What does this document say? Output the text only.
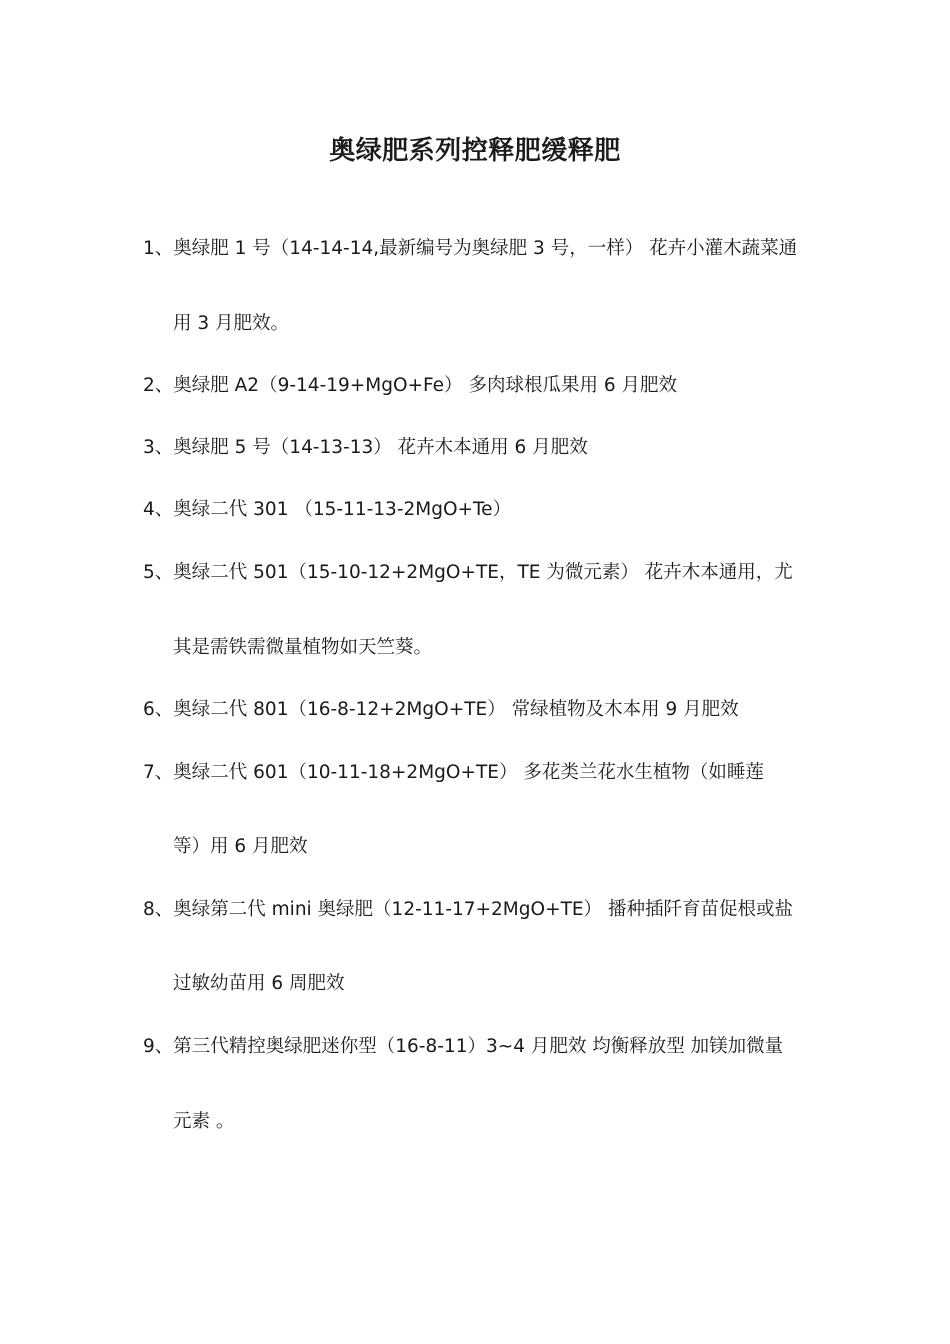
奥绿肥系列控释肥缓释肥
1、奥绿肥 1 号（14-14-14,最新编号为奥绿肥 3 号，一样） 花卉小灌木蔬菜通
用 3 月肥效。
2、奥绿肥 A2（9-14-19+MgO+Fe） 多肉球根瓜果用 6 月肥效
3、奥绿肥 5 号（14-13-13） 花卉木本通用 6 月肥效
4、奥绿二代 301 （15-11-13-2MgO+Te）
5、奥绿二代 501（15-10-12+2MgO+TE，TE 为微元素） 花卉木本通用，尤
其是需铁需微量植物如天竺葵。
6、奥绿二代 801（16-8-12+2MgO+TE） 常绿植物及木本用 9 月肥效
7、奥绿二代 601（10-11-18+2MgO+TE） 多花类兰花水生植物（如睡莲
等）用 6 月肥效
8、奥绿第二代 mini 奥绿肥（12-11-17+2MgO+TE） 播种插阡育苗促根或盐
过敏幼苗用 6 周肥效
9、第三代精控奥绿肥迷你型（16-8-11）3~4 月肥效 均衡释放型 加镁加微量
元素 。
